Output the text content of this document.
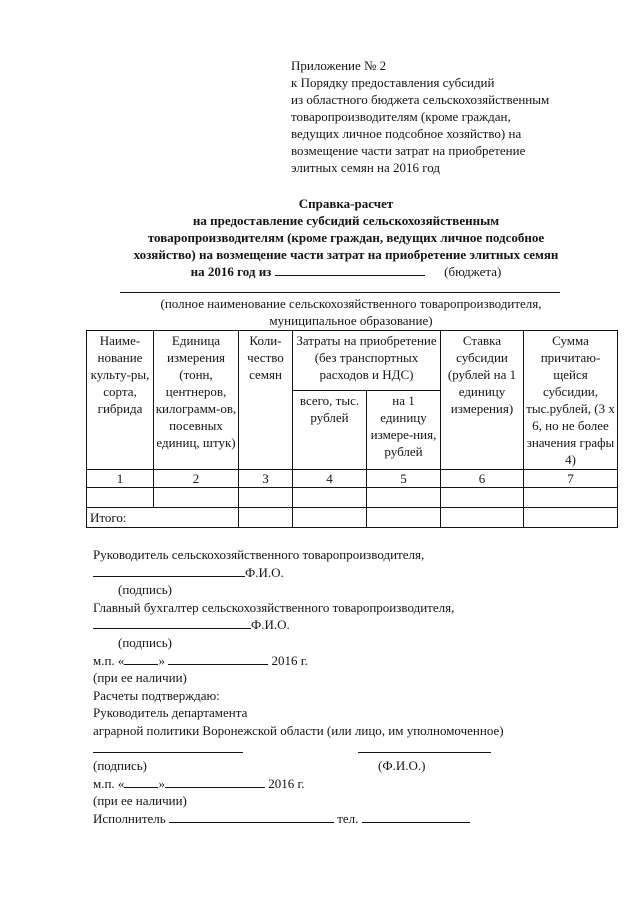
Приложение № 2
к Порядку предоставления субсидий
из областного бюджета сельскохозяйственным
товаропроизводителям (кроме граждан,
ведущих личное подсобное хозяйство) на
возмещение части затрат на приобретение
элитных семян на 2016 год
Справка-расчет
на предоставление субсидий сельскохозяйственным
товаропроизводителям (кроме граждан, ведущих личное подсобное
хозяйство) на возмещение части затрат на приобретение элитных семян
на 2016 год из	(бюджета)
(полное наименование сельскохозяйственного товаропроизводителя,
муниципальное образование)
Наиме-нование культу-ры, сорта, гибрида	Единица измерения (тонн, центнеров, килограмм-ов, посевных единиц, штук)	Коли-чество семян	Затраты на приобретение (без транспортных расходов и НДС)		Ставка субсидии (рублей на 1 единицу измерения)	Сумма причитаю-щейся субсидии, тыс.рублей, (3 х 6, но не более значения графы 4)
			всего, тыс. рублей	на 1 единицу измере-ния, рублей		
1	2	3	4	5	6	7

Итого:						
Руководитель сельскохозяйственного товаропроизводителя,
Ф.И.О.
(подпись)
Главный бухгалтер сельскохозяйственного товаропроизводителя,
Ф.И.О.
(подпись)
м.п. «	»	2016 г.
(при ее наличии)
Расчеты подтверждаю:
Руководитель департамента
аграрной политики Воронежской области (или лицо, им уполномоченное)
(подпись)	(Ф.И.О.)
м.п. «	»	2016 г.
(при ее наличии)
Исполнитель	тел.
